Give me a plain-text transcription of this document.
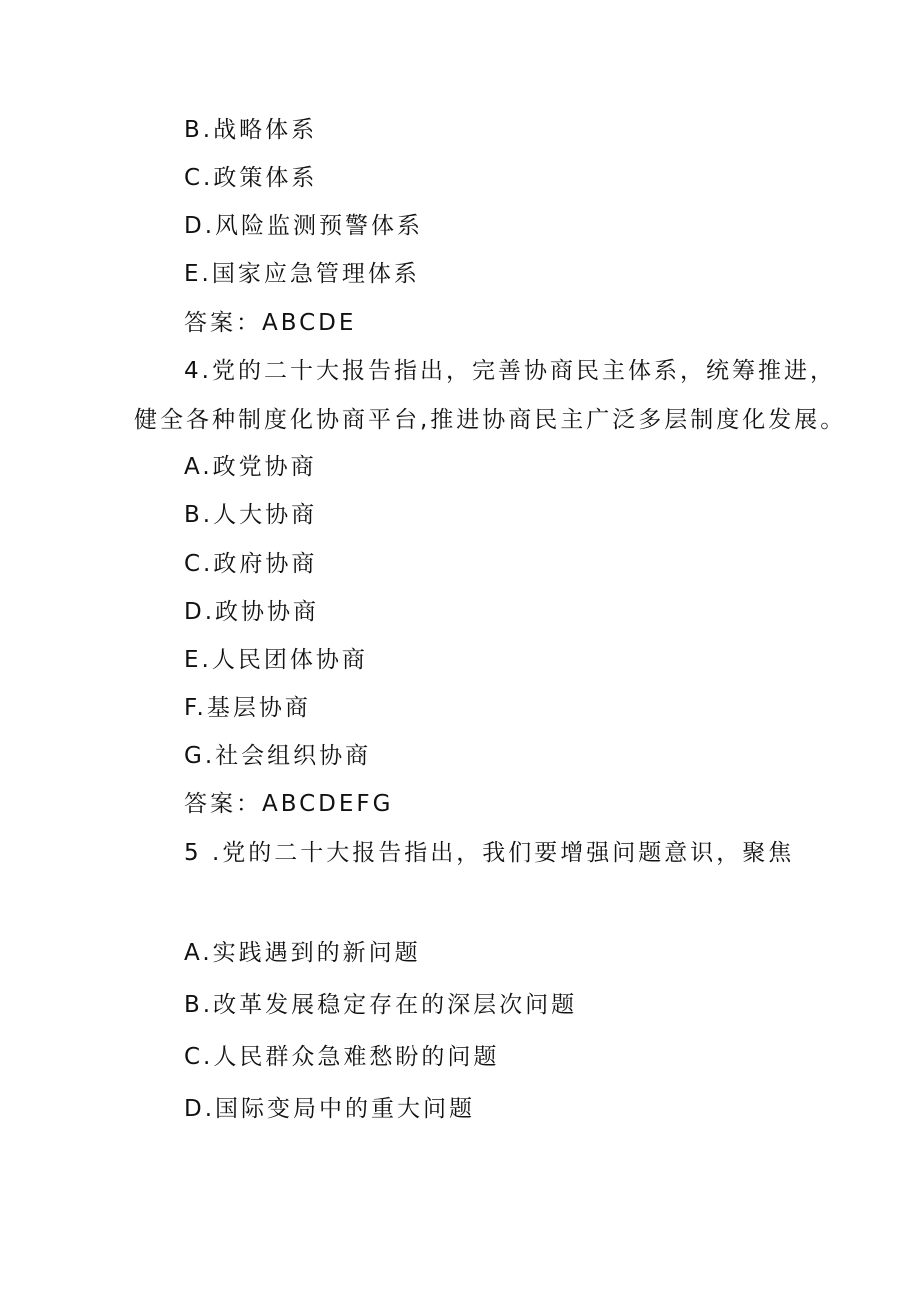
B.战略体系
C.政策体系
D.风险监测预警体系
E.国家应急管理体系
答案：ABCDE
4.党的二十大报告指出，完善协商民主体系，统筹推进，
健全各种制度化协商平台,推进协商民主广泛多层制度化发展。
A.政党协商
B.人大协商
C.政府协商
D.政协协商
E.人民团体协商
F.基层协商
G.社会组织协商
答案：ABCDEFG
5 .党的二十大报告指出，我们要增强问题意识，聚焦
A.实践遇到的新问题
B.改革发展稳定存在的深层次问题
C.人民群众急难愁盼的问题
D.国际变局中的重大问题
